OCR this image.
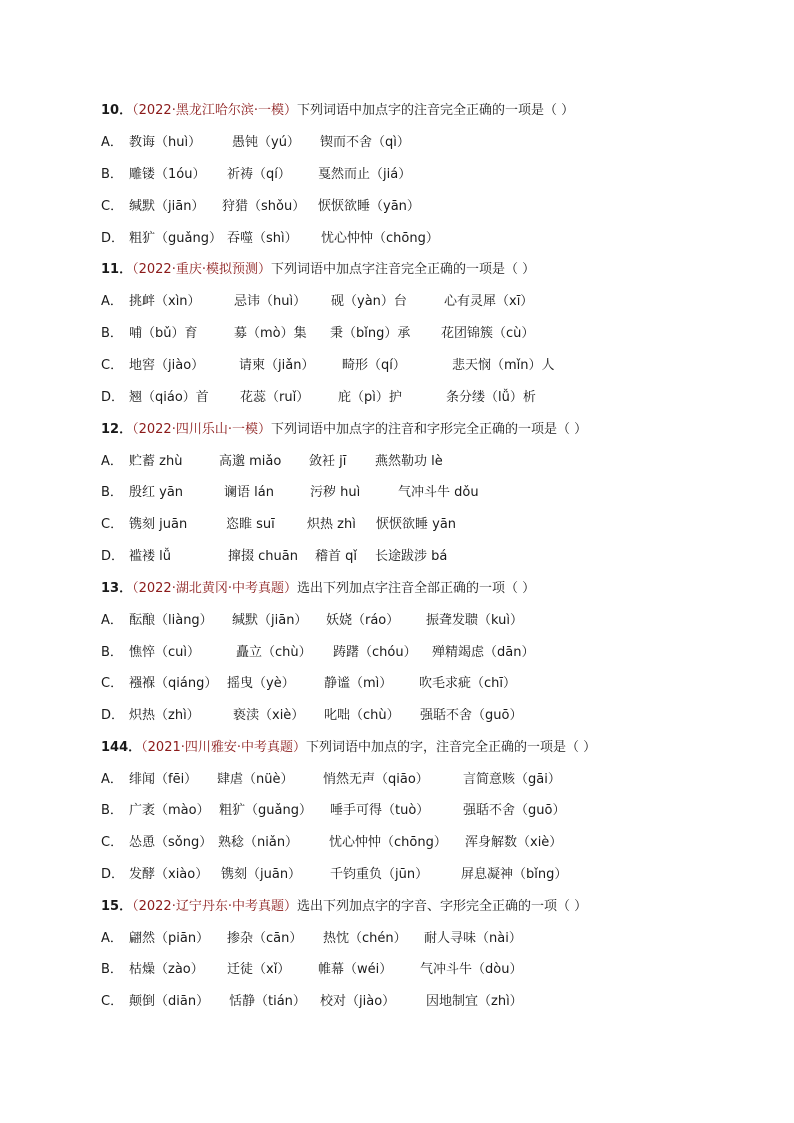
10．（2022·黑龙江哈尔滨·一模）下列词语中加点字的注音完全正确的一项是（ ）
A． 教诲（huì） 愚钝（yú） 锲而不舍（qì）
B． 雕镂（1óu） 祈祷（qí） 戛然而止（jiá）
C． 缄默（jiān） 狩猎（shǒu） 恹恹欲睡（yān）
D． 粗犷（guǎng） 吞噬（shì） 忧心忡忡（chōng）
11．（2022·重庆·模拟预测）下列词语中加点字注音完全正确的一项是（ ）
A． 挑衅（xìn）	忌讳（huì） 砚（yàn）台	心有灵犀（xī）
B． 哺（bǔ）育	募（mò）集 秉（bǐng）承 花团锦簇（cù）
C． 地窖（jiào）	请柬（jiǎn） 畸形（qí）	悲天悯（mǐn）人
D． 翘（qiáo）首 花蕊（ruǐ） 庇（pì）护	条分缕（lǚ）析
12．（2022·四川乐山·一模）下列词语中加点字的注音和字形完全正确的一项是（ ）
A． 贮蓄 zhù	高邈 miǎo 敛衽 jī 燕然勒功 lè
B． 殷红 yān	谰语 lán	污秽 huì	气冲斗牛 dǒu
C． 镌刻 juān	恣睢 suī 炽热 zhì 恹恹欲睡 yān
D． 褴褛 lǚ	撺掇 chuān 稽首 qǐ 长途跋涉 bá
13．（2022·湖北黄冈·中考真题）选出下列加点字注音全部正确的一项（ ）
A． 酝酿（liàng） 缄默（jiān） 妖娆（ráo） 振聋发聩（kuì）
B． 憔悴（cuì）	矗立（chù） 踌躇（chóu） 殚精竭虑（dān）
C． 襁褓（qiáng） 摇曳（yè） 静谧（mì） 吹毛求疵（chī）
D． 炽热（zhì）	亵渎（xiè） 叱咄（chù） 强聒不舍（guō）
144．（2021·四川雅安·中考真题）下列词语中加点的字，注音完全正确的一项是（ ）
A． 绯闻（fēi） 肆虐（nüè） 悄然无声（qiāo）	言简意赅（gāi）
B． 广袤（mào） 粗犷（guǎng） 唾手可得（tuò）	强聒不舍（guō）
C． 怂恿（sǒng） 熟稔（niǎn） 忧心忡忡（chōng） 浑身解数（xiè）
D． 发酵（xiào） 镌刻（juān） 千钧重负（jūn）	屏息凝神（bǐng）
15．（2022·辽宁丹东·中考真题）选出下列加点字的字音、字形完全正确的一项（ ）
A． 翩然（piān） 掺杂（cān） 热忱（chén） 耐人寻味（nài）
B． 枯燥（zào） 迁徒（xǐ） 帷幕（wéi） 气冲斗牛（dòu）
C． 颠倒（diān） 恬静（tián） 校对（jiào） 因地制宜（zhì）
